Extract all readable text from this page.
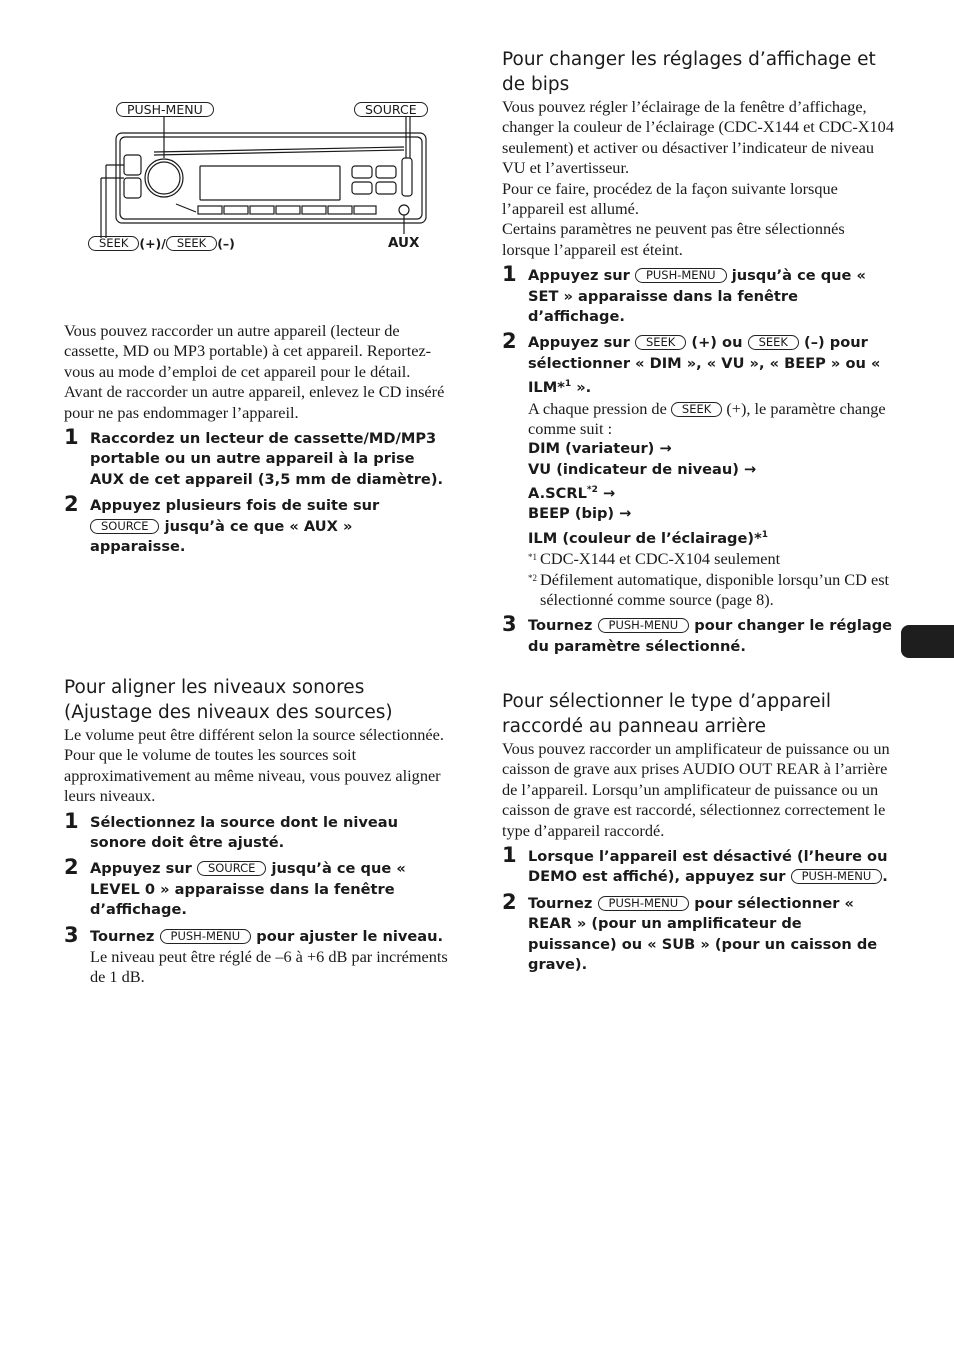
PUSH-MENU	SOURCE
SEEK (+)/ SEEK (–)	AUX
Vous pouvez raccorder un autre appareil (lecteur de cassette, MD ou MP3 portable) à cet appareil. Reportez-vous au mode d’emploi de cet appareil pour le détail.
Avant de raccorder un autre appareil, enlevez le CD inséré pour ne pas endommager l’appareil.
1 Raccordez un lecteur de cassette/MD/MP3 portable ou un autre appareil à la prise AUX de cet appareil (3,5 mm de diamètre).
2 Appuyez plusieurs fois de suite sur SOURCE jusqu’à ce que « AUX » apparaisse.
Pour aligner les niveaux sonores (Ajustage des niveaux des sources)
Le volume peut être différent selon la source sélectionnée. Pour que le volume de toutes les sources soit approximativement au même niveau, vous pouvez aligner leurs niveaux.
1 Sélectionnez la source dont le niveau sonore doit être ajusté.
2 Appuyez sur SOURCE jusqu’à ce que « LEVEL 0 » apparaisse dans la fenêtre d’affichage.
3 Tournez PUSH-MENU pour ajuster le niveau.
Le niveau peut être réglé de –6 à +6 dB par incréments de 1 dB.
Pour changer les réglages d’affichage et de bips
Vous pouvez régler l’éclairage de la fenêtre d’affichage, changer la couleur de l’éclairage (CDC-X144 et CDC-X104 seulement) et activer ou désactiver l’indicateur de niveau VU et l’avertisseur.
Pour ce faire, procédez de la façon suivante lorsque l’appareil est allumé.
Certains paramètres ne peuvent pas être sélectionnés lorsque l’appareil est éteint.
1 Appuyez sur PUSH-MENU jusqu’à ce que « SET » apparaisse dans la fenêtre d’affichage.
2 Appuyez sur SEEK (+) ou SEEK (–) pour sélectionner « DIM », « VU », « BEEP » ou « ILM*$^1$ ».
A chaque pression de SEEK (+), le paramètre change comme suit :
DIM (variateur) →
VU (indicateur de niveau) →
$A.SCRL^{*2}$ →
BEEP (bip) →
ILM (couleur de l’éclairage)*$^1$
*1 CDC-X144 et CDC-X104 seulement
*2 Défilement automatique, disponible lorsqu’un CD est sélectionné comme source (page 8).
3 Tournez PUSH-MENU pour changer le réglage du paramètre sélectionné.
Pour sélectionner le type d’appareil raccordé au panneau arrière
Vous pouvez raccorder un amplificateur de puissance ou un caisson de grave aux prises AUDIO OUT REAR à l’arrière de l’appareil. Lorsqu’un amplificateur de puissance ou un caisson de grave est raccordé, sélectionnez correctement le type d’appareil raccordé.
1 Lorsque l’appareil est désactivé (l’heure ou DEMO est affiché), appuyez sur PUSH-MENU .
2 Tournez PUSH-MENU pour sélectionner « REAR » (pour un amplificateur de puissance) ou « SUB » (pour un caisson de grave).
